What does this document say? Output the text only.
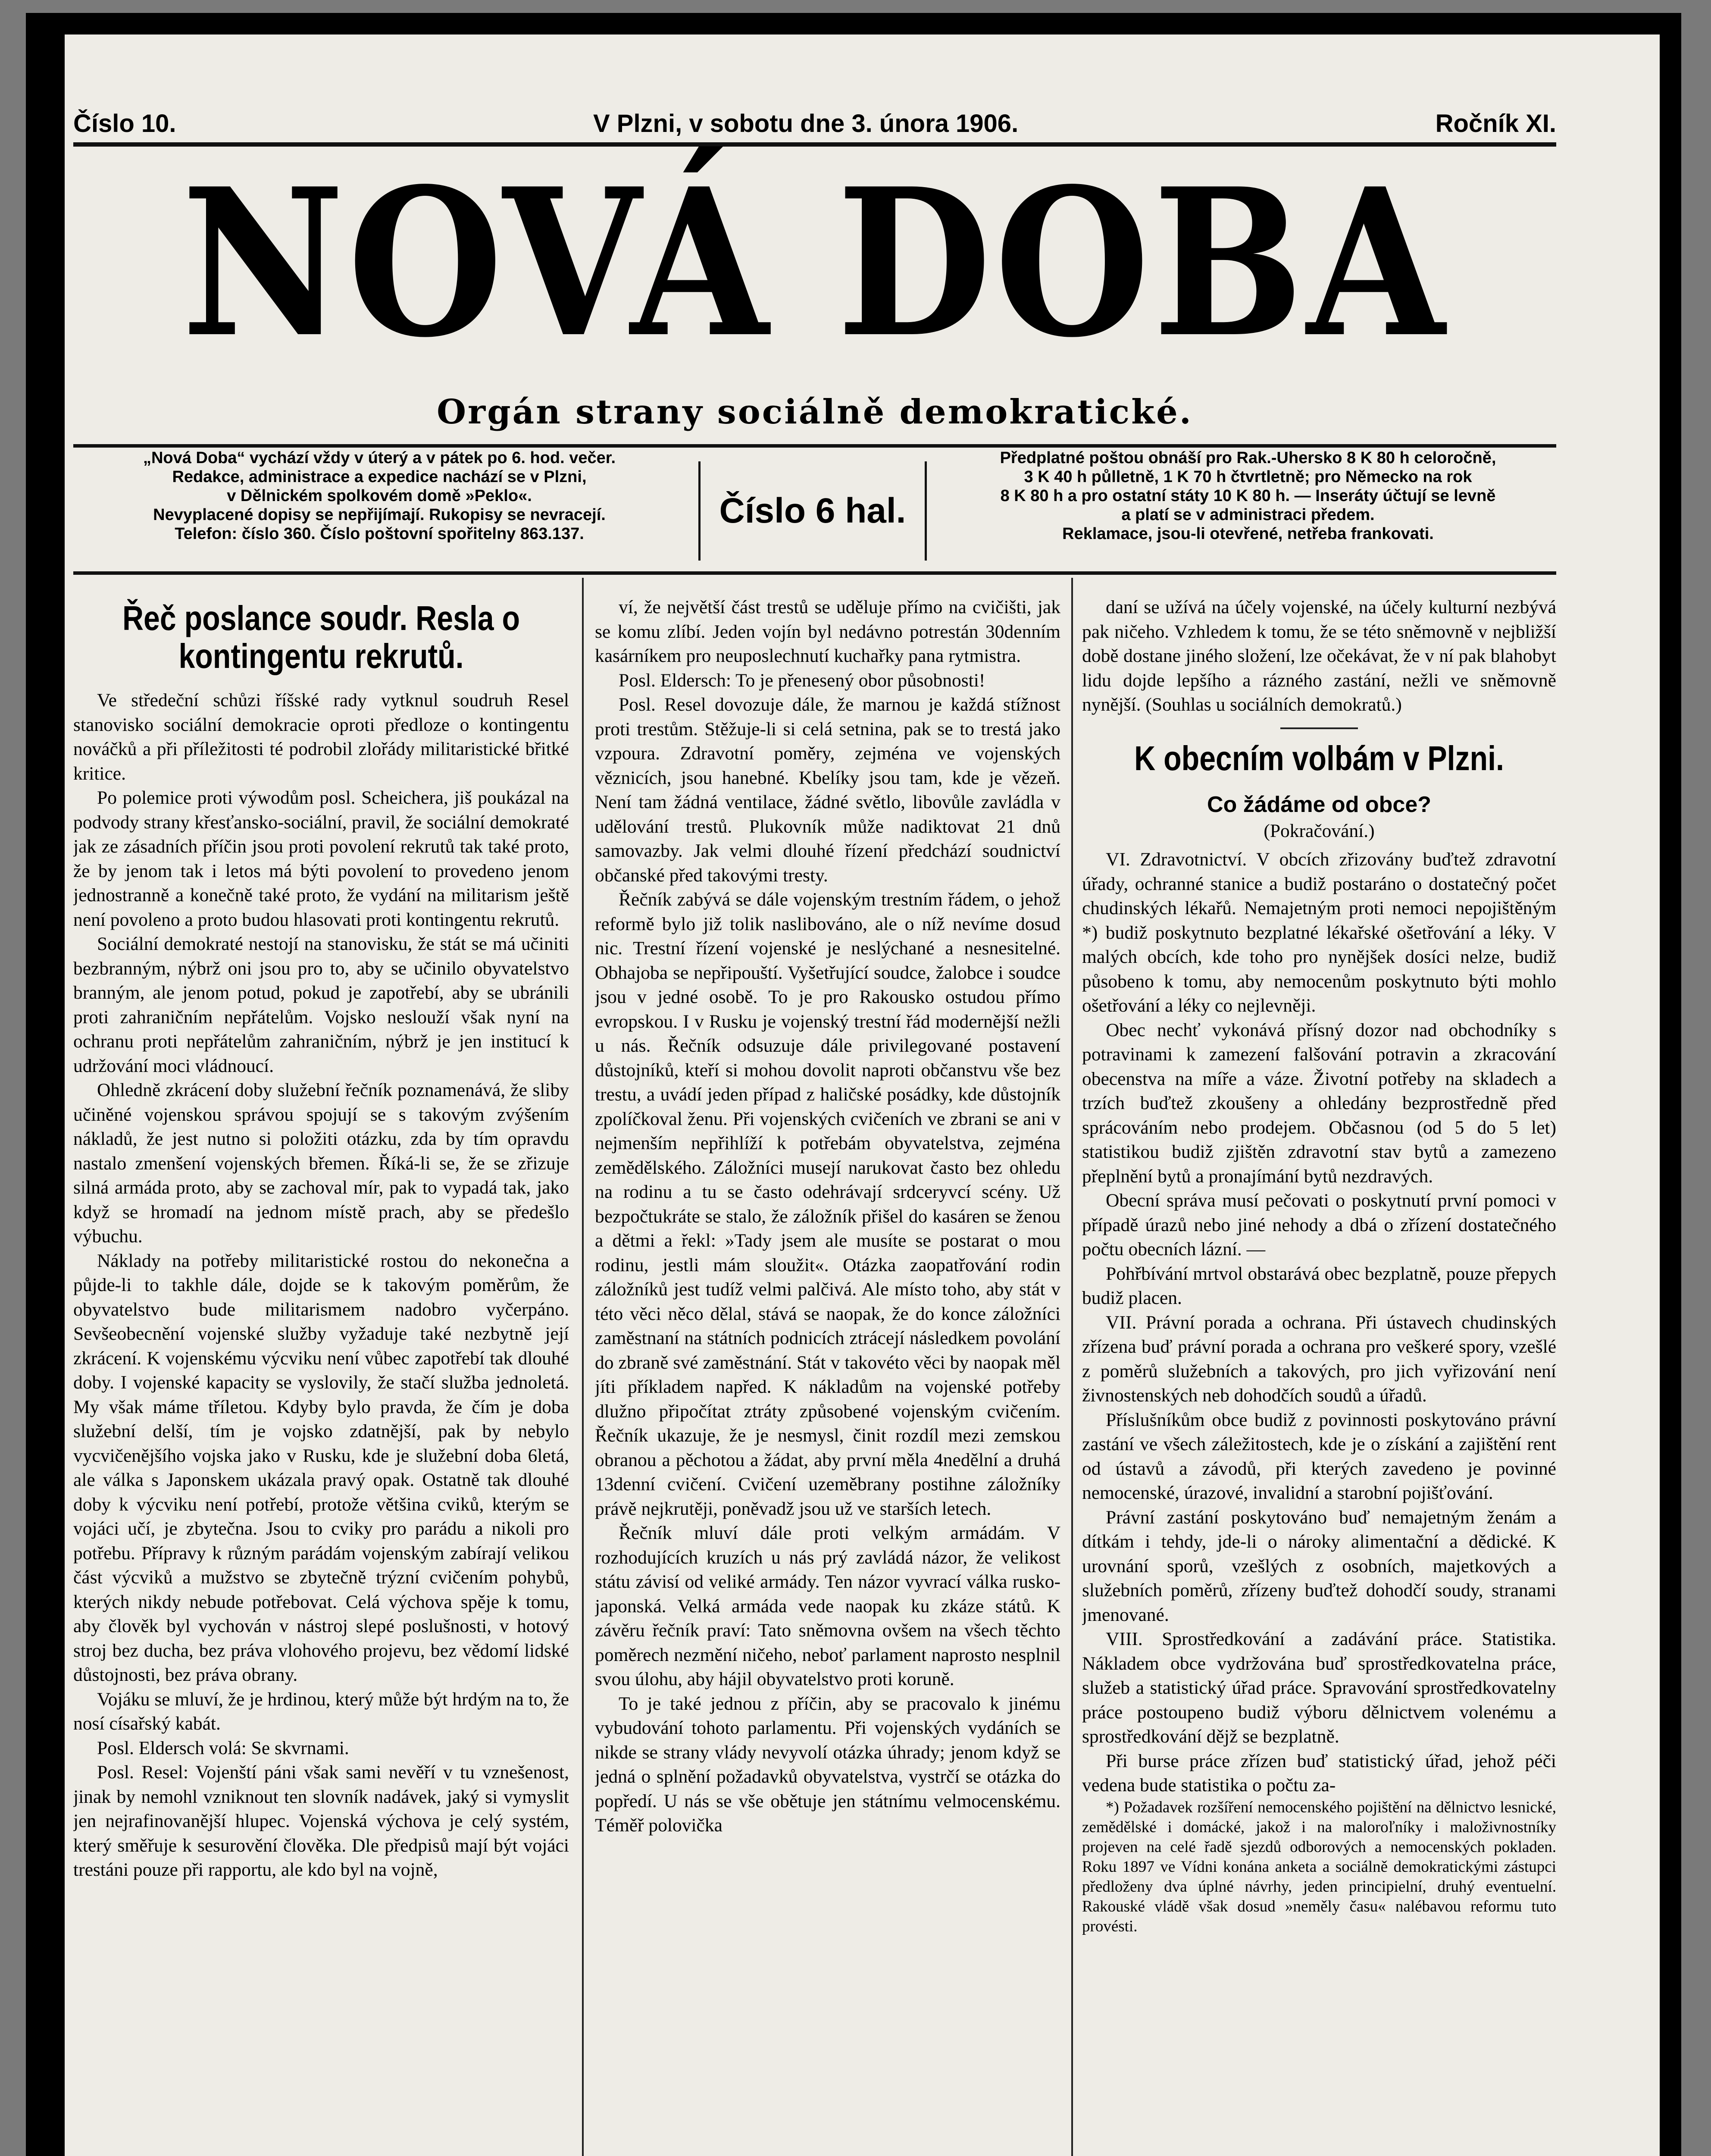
Číslo 10.	V Plzni, v sobotu dne 3. února 1906.	Ročník XI.
NOVÁ DOBA
Orgán strany sociálně demokratické.
„Nová Doba“ vychází vždy v úterý a v pátek po 6. hod. večer.
Redakce, administrace a expedice nachází se v Plzni,
v Dělnickém spolkovém domě »Peklo«.
Nevyplacené dopisy se nepřijímají. Rukopisy se nevracejí.
Telefon: číslo 360. Číslo poštovní spořitelny 863.137.
Číslo 6 hal.
Předplatné poštou obnáší pro Rak.-Uhersko 8 K 80 h celoročně,
3 K 40 h půlletně, 1 K 70 h čtvrtletně; pro Německo na rok
8 K 80 h a pro ostatní státy 10 K 80 h. — Inseráty účtují se levně
a platí se v administraci předem.
Reklamace, jsou-li otevřené, netřeba frankovati.
Řeč poslance soudr. Resla o kontingentu rekrutů.

Ve středeční schůzi říšské rady vytknul soudruh Resel stanovisko sociální demokracie oproti předloze o kontingentu nováčků a při příležitosti té podrobil zlořády militaristické břitké kritice.

Po polemice proti výwodům posl. Scheichera, jiš poukázal na podvody strany křesťansko-sociální, pravil, že sociální demokraté jak ze zásadních příčin jsou proti povolení rekrutů tak také proto, že by jenom tak i letos má býti povolení to provedeno jenom jednostranně a konečně také proto, že vydání na militarism ještě není povoleno a proto budou hlasovati proti kontingentu rekrutů.

Sociální demokraté nestojí na stanovisku, že stát se má učiniti bezbranným, nýbrž oni jsou pro to, aby se učinilo obyvatelstvo branným, ale jenom potud, pokud je zapotřebí, aby se ubránili proti zahraničním nepřátelům. Vojsko neslouží však nyní na ochranu proti nepřátelům zahraničním, nýbrž je jen institucí k udržování moci vládnoucí.

Ohledně zkrácení doby služební řečník poznamenává, že sliby učiněné vojenskou správou spojují se s takovým zvýšením nákladů, že jest nutno si položiti otázku, zda by tím opravdu nastalo zmenšení vojenských břemen. Říká-li se, že se zřizuje silná armáda proto, aby se zachoval mír, pak to vypadá tak, jako když se hromadí na jednom místě prach, aby se předešlo výbuchu.

Náklady na potřeby militaristické rostou do nekonečna a půjde-li to takhle dále, dojde se k takovým poměrům, že obyvatelstvo bude militarismem nadobro vyčerpáno. Sevšeobecnění vojenské služby vyžaduje také nezbytně její zkrácení. K vojenskému výcviku není vůbec zapotřebí tak dlouhé doby. I vojenské kapacity se vyslovily, že stačí služba jednoletá. My však máme tříletou. Kdyby bylo pravda, že čím je doba služební delší, tím je vojsko zdatnější, pak by nebylo vycvičenějšího vojska jako v Rusku, kde je služební doba 6letá, ale válka s Japonskem ukázala pravý opak. Ostatně tak dlouhé doby k výcviku není potřebí, protože většina cviků, kterým se vojáci učí, je zbytečna. Jsou to cviky pro parádu a nikoli pro potřebu. Přípravy k různým parádám vojenským zabírají velikou část výcviků a mužstvo se zbytečně trýzní cvičením pohybů, kterých nikdy nebude potřebovat. Celá výchova spěje k tomu, aby člověk byl vychován v nástroj slepé poslušnosti, v hotový stroj bez ducha, bez práva vlohového projevu, bez vědomí lidské důstojnosti, bez práva obrany.

Vojáku se mluví, že je hrdinou, který může být hrdým na to, že nosí císařský kabát.

Posl. Eldersch volá: Se skvrnami.

Posl. Resel: Vojenští páni však sami nevěří v tu vznešenost, jinak by nemohl vzniknout ten slovník nadávek, jaký si vymyslit jen nejrafinovanější hlupec. Vojenská výchova je celý systém, který směřuje k sesurovění člověka. Dle předpisů mají být vojáci trestáni pouze při rapportu, ale kdo byl na vojně,

ví, že největší část trestů se uděluje přímo na cvičišti, jak se komu zlíbí. Jeden vojín byl nedávno potrestán 30denním kasárníkem pro neuposlechnutí kuchařky pana rytmistra.

Posl. Eldersch: To je přenesený obor působnosti!

Posl. Resel dovozuje dále, že marnou je každá stížnost proti trestům. Stěžuje-li si celá setnina, pak se to trestá jako vzpoura. Zdravotní poměry, zejména ve vojenských věznicích, jsou hanebné. Kbelíky jsou tam, kde je vězeň. Není tam žádná ventilace, žádné světlo, libovůle zavládla v udělování trestů. Plukovník může nadiktovat 21 dnů samovazby. Jak velmi dlouhé řízení předchází soudnictví občanské před takovými tresty.

Řečník zabývá se dále vojenským trestním řádem, o jehož reformě bylo již tolik naslibováno, ale o níž nevíme dosud nic. Trestní řízení vojenské je neslýchané a nesnesitelné. Obhajoba se nepřipouští. Vyšetřující soudce, žalobce i soudce jsou v jedné osobě. To je pro Rakousko ostudou přímo evropskou. I v Rusku je vojenský trestní řád modernější nežli u nás. Řečník odsuzuje dále privilegované postavení důstojníků, kteří si mohou dovolit naproti občanstvu vše bez trestu, a uvádí jeden případ z haličské posádky, kde důstojník zpolíčkoval ženu. Při vojenských cvičeních ve zbrani se ani v nejmenším nepřihlíží k potřebám obyvatelstva, zejména zemědělského. Záložníci musejí narukovat často bez ohledu na rodinu a tu se často odehrávají srdceryvcí scény. Už bezpočtukráte se stalo, že záložník přišel do kasáren se ženou a dětmi a řekl: »Tady jsem ale musíte se postarat o mou rodinu, jestli mám sloužit«. Otázka zaopatřování rodin záložníků jest tudíž velmi palčivá. Ale místo toho, aby stát v této věci něco dělal, stává se naopak, že do konce záložníci zaměstnaní na státních podnicích ztrácejí následkem povolání do zbraně své zaměstnání. Stát v takovéto věci by naopak měl jíti příkladem napřed. K nákladům na vojenské potřeby dlužno připočítat ztráty způsobené vojenským cvičením. Řečník ukazuje, že je nesmysl, činit rozdíl mezi zemskou obranou a pěchotou a žádat, aby první měla 4nedělní a druhá 13denní cvičení. Cvičení uzeměbrany postihne záložníky právě nejkrutěji, poněvadž jsou už ve starších letech.

Řečník mluví dále proti velkým armádám. V rozhodujících kruzích u nás prý zavládá názor, že velikost státu závisí od veliké armády. Ten názor vyvrací válka rusko-japonská. Velká armáda vede naopak ku zkáze států. K závěru řečník praví: Tato sněmovna ovšem na všech těchto poměrech nezmění ničeho, neboť parlament naprosto nesplnil svou úlohu, aby hájil obyvatelstvo proti koruně.

To je také jednou z příčin, aby se pracovalo k jinému vybudování tohoto parlamentu. Při vojenských vydáních se nikde se strany vlády nevyvolí otázka úhrady; jenom když se jedná o splnění požadavků obyvatelstva, vystrčí se otázka do popředí. U nás se vše obětuje jen státnímu velmocenskému. Téměř polovička

daní se užívá na účely vojenské, na účely kulturní nezbývá pak ničeho. Vzhledem k tomu, že se této sněmovně v nejbližší době dostane jiného složení, lze očekávat, že v ní pak blahobyt lidu dojde lepšího a rázného zastání, nežli ve sněmovně nynější. (Souhlas u sociálních demokratů.)

K obecním volbám v Plzni.
Co žádáme od obce?
(Pokračování.)

VI. Zdravotnictví. V obcích zřizovány buďtež zdravotní úřady, ochranné stanice a budiž postaráno o dostatečný počet chudinských lékařů. Nemajetným proti nemoci nepojištěným *) budiž poskytnuto bezplatné lékařské ošetřování a léky. V malých obcích, kde toho pro nynějšek dosíci nelze, budiž působeno k tomu, aby nemocenům poskytnuto býti mohlo ošetřování a léky co nejlevněji.

Obec nechť vykonává přísný dozor nad obchodníky s potravinami k zamezení falšování potravin a zkracování obecenstva na míře a váze. Životní potřeby na skladech a trzích buďtež zkoušeny a ohledány bezprostředně před sprácováním nebo prodejem. Občasnou (od 5 do 5 let) statistikou budiž zjištěn zdravotní stav bytů a zamezeno přeplnění bytů a pronajímání bytů nezdravých.

Obecní správa musí pečovati o poskytnutí první pomoci v případě úrazů nebo jiné nehody a dbá o zřízení dostatečného počtu obecních lázní. —

Pohřbívání mrtvol obstarává obec bezplatně, pouze přepych budiž placen.

VII. Právní porada a ochrana. Při ústavech chudinských zřízena buď právní porada a ochrana pro veškeré spory, vzešlé z poměrů služebních a takových, pro jich vyřizování není živnostenských neb dohodčích soudů a úřadů.

Příslušníkům obce budiž z povinnosti poskytováno právní zastání ve všech záležitostech, kde je o získání a zajištění rent od ústavů a závodů, při kterých zavedeno je povinné nemocenské, úrazové, invalidní a starobní pojišťování.

Právní zastání poskytováno buď nemajetným ženám a dítkám i tehdy, jde-li o nároky alimentační a dědické. K urovnání sporů, vzešlých z osobních, majetkových a služebních poměrů, zřízeny buďtež dohodčí soudy, stranami jmenované.

VIII. Sprostředkování a zadávání práce. Statistika. Nákladem obce vydržována buď sprostředkovatelna práce, služeb a statistický úřad práce. Spravování sprostředkovatelny práce postoupeno budiž výboru dělnictvem volenému a sprostředkování dějž se bezplatně.

Při burse práce zřízen buď statistický úřad, jehož péči vedena bude statistika o počtu za-

*) Požadavek rozšíření nemocenského pojištění na dělnictvo lesnické, zemědělské i domácké, jakož i na maloroľníky i maloživnostníky projeven na celé řadě sjezdů odborových a nemocenských pokladen. Roku 1897 ve Vídni konána anketa a sociálně demokratickými zástupci předloženy dva úplné návrhy, jeden principielní, druhý eventuelní. Rakouské vládě však dosud »neměly času« nalébavou reformu tuto provésti.
